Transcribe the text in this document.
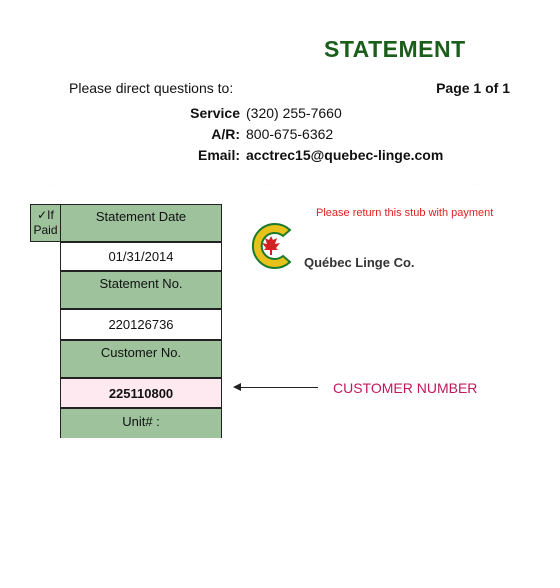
STATEMENT
Please direct questions to:	Page 1 of 1
Service (320) 255-7660
A/R: 800-675-6362
Email: acctrec15@quebec-linge.com
✓If Paid
Statement Date
01/31/2014
Statement No.
220126736
Customer No.
225110800
Unit# :
Please return this stub with payment
Québec Linge Co.
CUSTOMER NUMBER
